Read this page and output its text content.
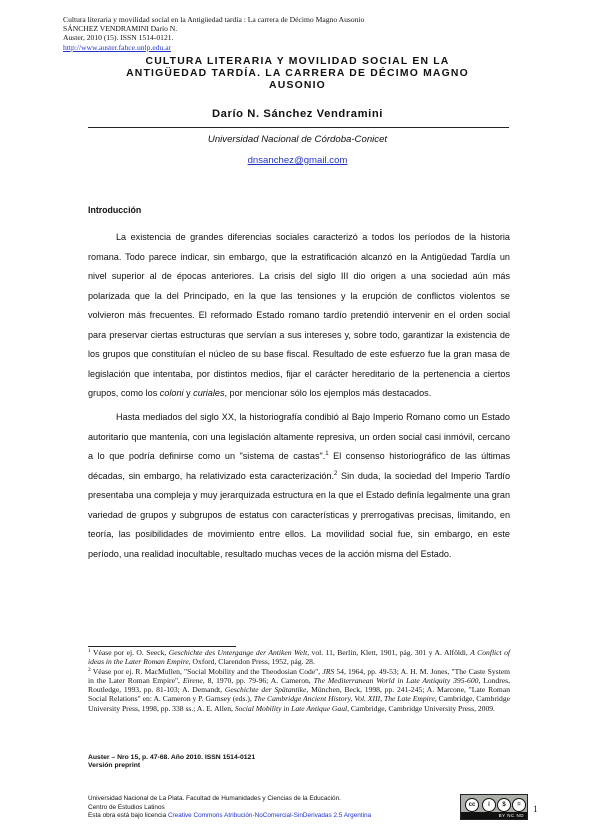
Cultura literaria y movilidad social en la Antigüedad tardía : La carrera de Décimo Magno Ausonio
SÁNCHEZ VENDRAMINI Darío N.
Auster, 2010 (15). ISSN 1514-0121.
http://www.auster.fahce.unlp.edu.ar
CULTURA LITERARIA Y MOVILIDAD SOCIAL EN LA
ANTIGÜEDAD TARDÍA. LA CARRERA DE DÉCIMO MAGNO
AUSONIO
Darío N. Sánchez Vendramini
Universidad Nacional de Córdoba-Conicet
dnsanchez@gmail.com
Introducción

La existencia de grandes diferencias sociales caracterizó a todos los períodos de la historia romana. Todo parece indicar, sin embargo, que la estratificación alcanzó en la Antigüedad Tardía un nivel superior al de épocas anteriores. La crisis del siglo III dio origen a una sociedad aún más polarizada que la del Principado, en la que las tensiones y la erupción de conflictos violentos se volvieron más frecuentes. El reformado Estado romano tardío pretendió intervenir en el orden social para preservar ciertas estructuras que servían a sus intereses y, sobre todo, garantizar la existencia de los grupos que constituían el núcleo de su base fiscal. Resultado de este esfuerzo fue la gran masa de legislación que intentaba, por distintos medios, fijar el carácter hereditario de la pertenencia a ciertos grupos, como los coloni y curiales, por mencionar sólo los ejemplos más destacados.

Hasta mediados del siglo XX, la historiografía condibió al Bajo Imperio Romano como un Estado autoritario que mantenía, con una legislación altamente represiva, un orden social casi inmóvil, cercano a lo que podría definirse como un "sistema de castas".$^1$ El consenso historiográfico de las últimas décadas, sin embargo, ha relativizado esta caracterización.$^2$ Sin duda, la sociedad del Imperio Tardío presentaba una compleja y muy jerarquizada estructura en la que el Estado definía legalmente una gran variedad de grupos y subgrupos de estatus con características y prerrogativas precisas, limitando, en teoría, las posibilidades de movimiento entre ellos. La movilidad social fue, sin embargo, en este período, una realidad inocultable, resultado muchas veces de la acción misma del Estado.

$^1$ Véase por ej. O. Seeck, Geschichte des Untergange der Antiken Welt, vol. 11, Berlín, Klett, 1901, pág. 301 y A. Alföldi, A Conflict of ideas in the Later Roman Empire, Oxford, Clarendon Press, 1952, pág. 28.

$^2$ Véase por ej. R. MacMullen, "Social Mobility and the Theodosian Code", JRS 54, 1964, pp. 49-53; A. H. M. Jones, "The Caste System in the Later Roman Empire", Eirene, 8, 1970, pp. 79-96; A. Cameron, The Mediterranean World in Late Antiquity 395-600, Londres, Routledge, 1993, pp. 81-103; A. Demandt, Geschichte der Spätantike, München, Beck, 1998, pp. 241-245; A. Marcone, "Late Roman Social Relations" en: A. Cameron y P. Garnsey (eds.), The Cambridge Ancient History, Vol. XIII, The Late Empire, Cambridge, Cambridge University Press, 1998, pp. 338 ss.; A. E. Allen, Social Mobility in Late Antique Gaul, Cambridge, Cambridge University Press, 2009.

Auster – Nro 15, p. 47-68. Año 2010. ISSN 1514-0121
Versión preprint
Universidad Nacional de La Plata. Facultad de Humanidades y Ciencias de la Educación.
Centro de Estudios Latinos
Esta obra está bajo licencia Creative Commons Atribución-NoComercial-SinDerivadas 2.5 Argentina
cc	i	$	=
BY NC ND
1
